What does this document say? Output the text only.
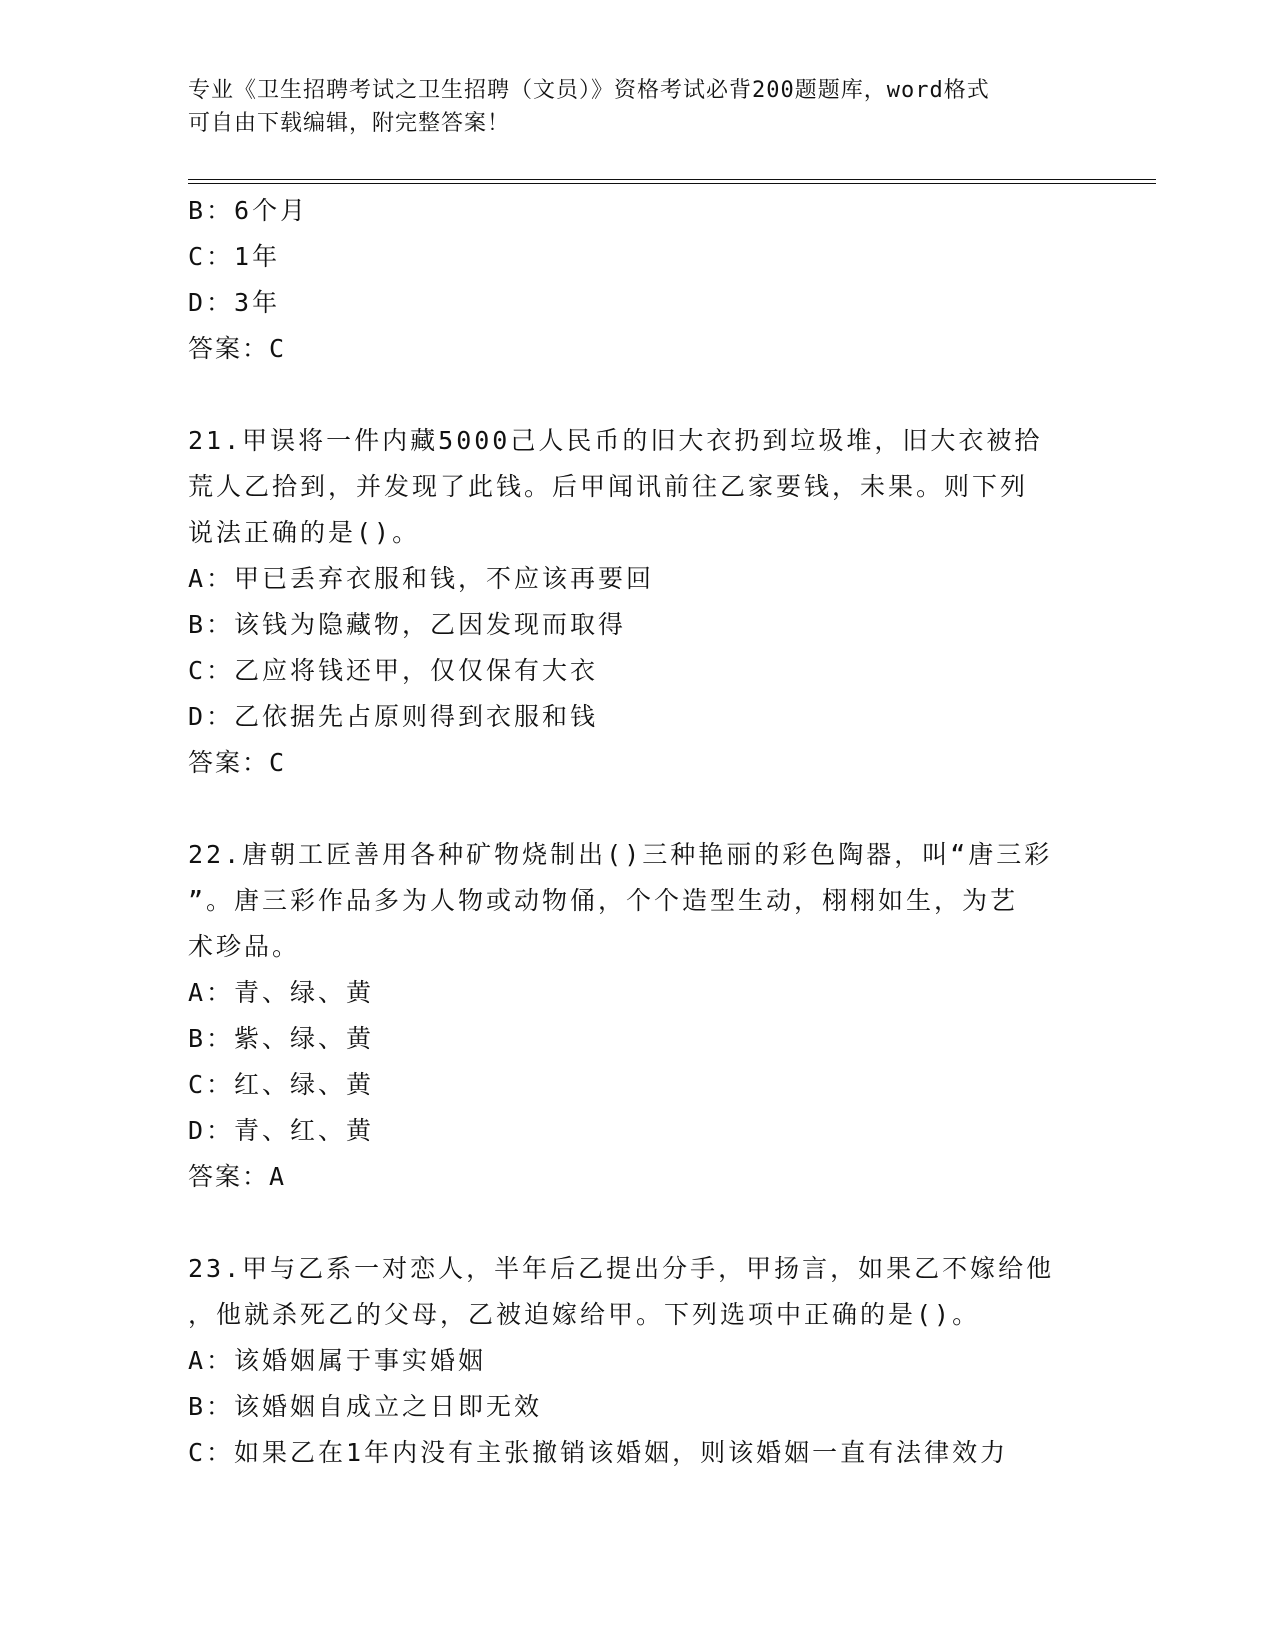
专业《卫生招聘考试之卫生招聘（文员）》资格考试必背200题题库，word格式
可自由下载编辑，附完整答案！
B：6个月
C：1年
D：3年
答案：C
21.甲误将一件内藏5000己人民币的旧大衣扔到垃圾堆，旧大衣被拾
荒人乙拾到，并发现了此钱。后甲闻讯前往乙家要钱，未果。则下列
说法正确的是()。
A：甲已丢弃衣服和钱，不应该再要回
B：该钱为隐藏物，乙因发现而取得
C：乙应将钱还甲，仅仅保有大衣
D：乙依据先占原则得到衣服和钱
答案：C
22.唐朝工匠善用各种矿物烧制出()三种艳丽的彩色陶器，叫“唐三彩
”。唐三彩作品多为人物或动物俑，个个造型生动，栩栩如生，为艺
术珍品。
A：青、绿、黄
B：紫、绿、黄
C：红、绿、黄
D：青、红、黄
答案：A
23.甲与乙系一对恋人，半年后乙提出分手，甲扬言，如果乙不嫁给他
，他就杀死乙的父母，乙被迫嫁给甲。下列选项中正确的是()。
A：该婚姻属于事实婚姻
B：该婚姻自成立之日即无效
C：如果乙在1年内没有主张撤销该婚姻，则该婚姻一直有法律效力
